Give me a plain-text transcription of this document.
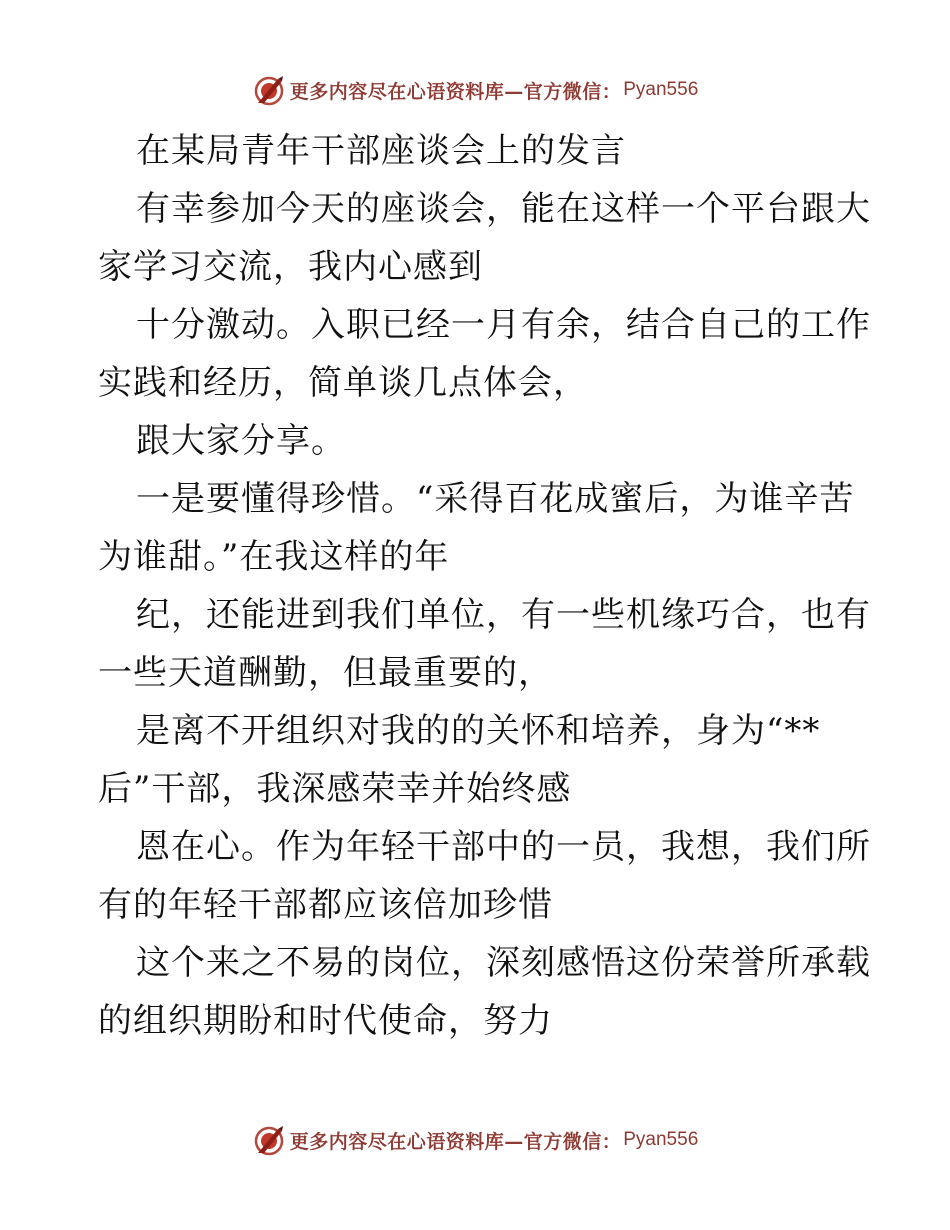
更多内容尽在心语资料库—官方微信： Pyan556
在某局青年干部座谈会上的发言
有幸参加今天的座谈会，能在这样一个平台跟大
家学习交流，我内心感到
十分激动。入职已经一月有余，结合自己的工作
实践和经历，简单谈几点体会，
跟大家分享。
一是要懂得珍惜。“采得百花成蜜后，为谁辛苦
为谁甜。”在我这样的年
纪，还能进到我们单位，有一些机缘巧合，也有
一些天道酬勤，但最重要的，
是离不开组织对我的的关怀和培养，身为“**
后”干部，我深感荣幸并始终感
恩在心。作为年轻干部中的一员，我想，我们所
有的年轻干部都应该倍加珍惜
这个来之不易的岗位，深刻感悟这份荣誉所承载
的组织期盼和时代使命，努力
更多内容尽在心语资料库—官方微信： Pyan556
